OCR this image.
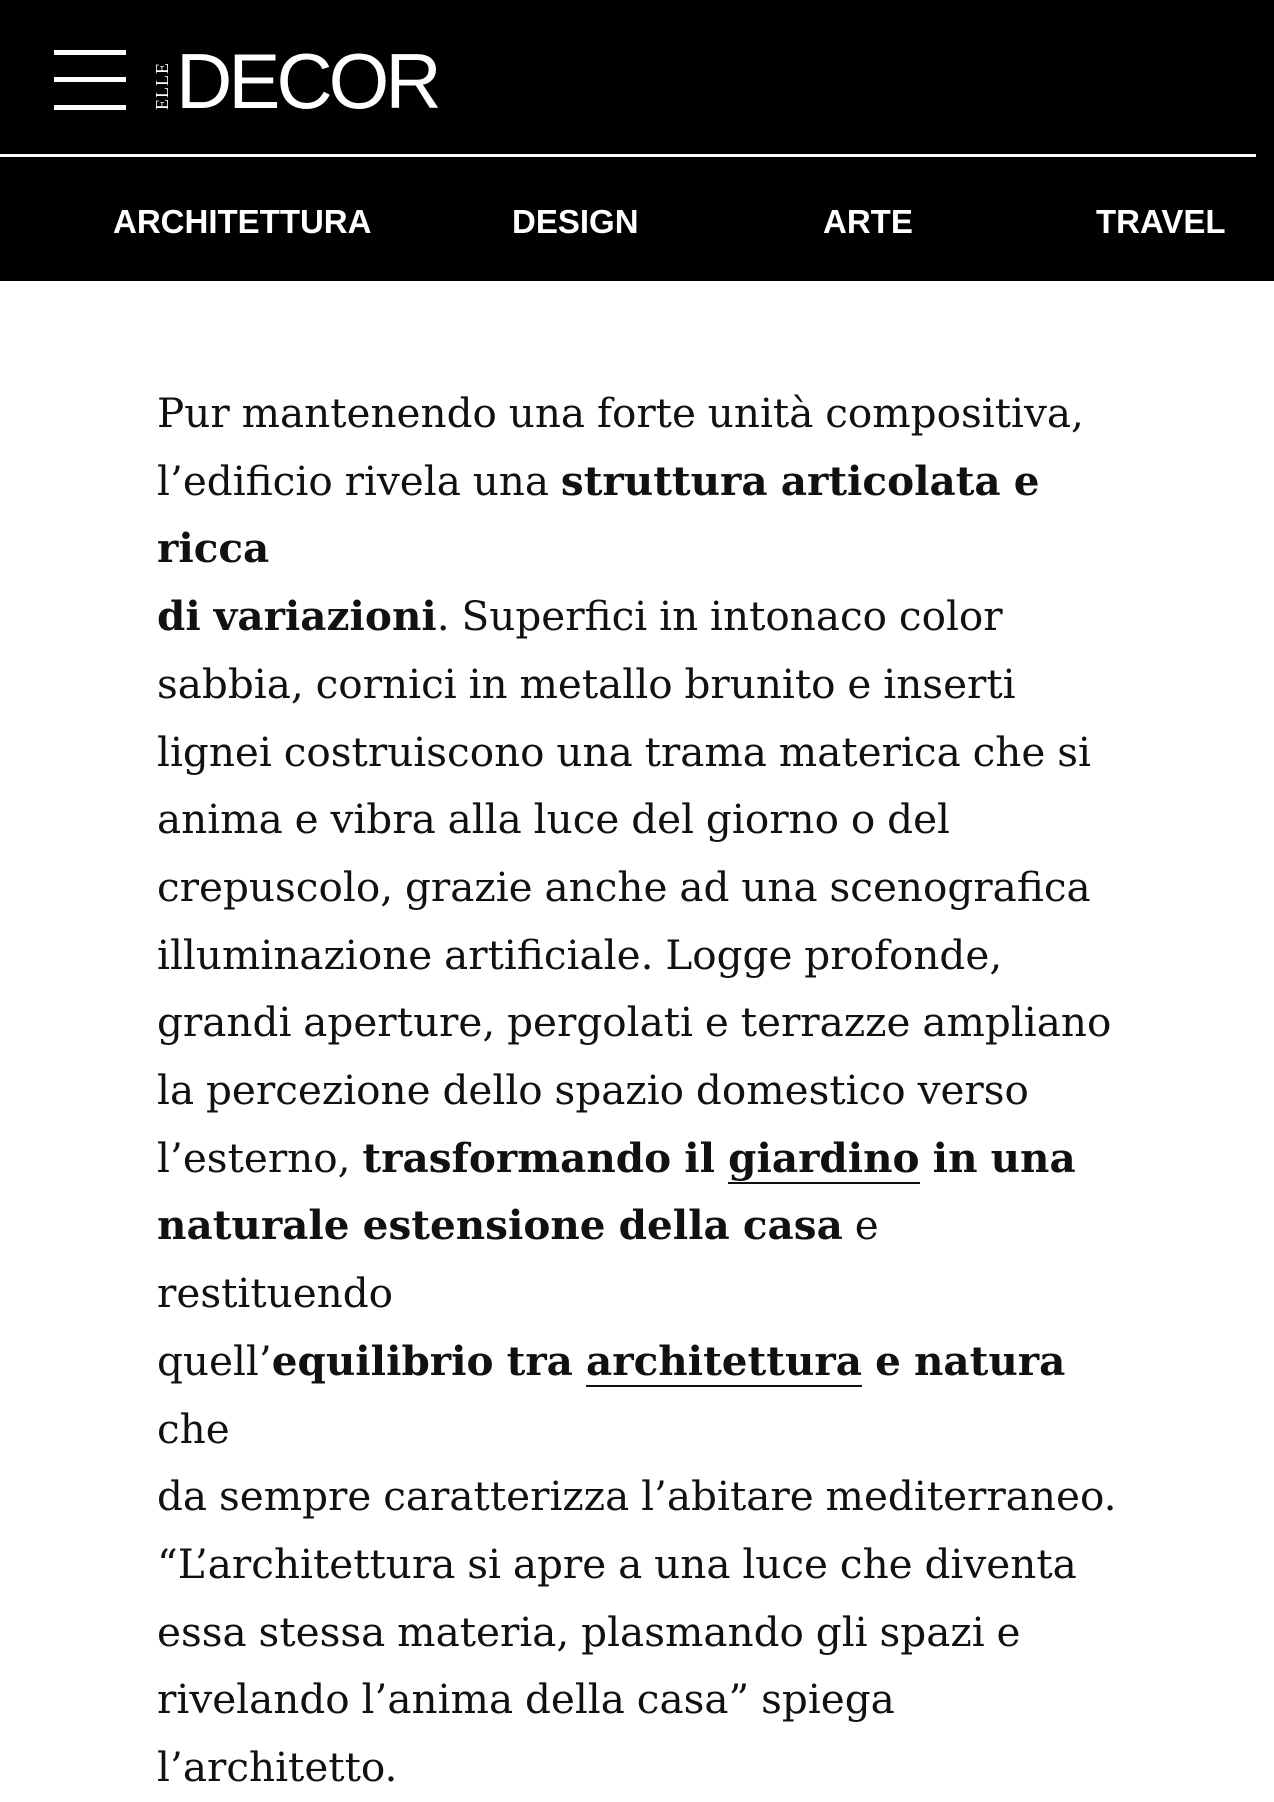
ELLE DECOR
ARCHITETTURA	DESIGN	ARTE	TRAVEL
Pur mantenendo una forte unità compositiva,
l’edificio rivela una struttura articolata e ricca
di variazioni. Superfici in intonaco color
sabbia, cornici in metallo brunito e inserti
lignei costruiscono una trama materica che si
anima e vibra alla luce del giorno o del
crepuscolo, grazie anche ad una scenografica
illuminazione artificiale. Logge profonde,
grandi aperture, pergolati e terrazze ampliano
la percezione dello spazio domestico verso
l’esterno, trasformando il giardino in una
naturale estensione della casa e restituendo
quell’equilibrio tra architettura e natura che
da sempre caratterizza l’abitare mediterraneo.
“L’architettura si apre a una luce che diventa
essa stessa materia, plasmando gli spazi e
rivelando l’anima della casa” spiega l’architetto.
